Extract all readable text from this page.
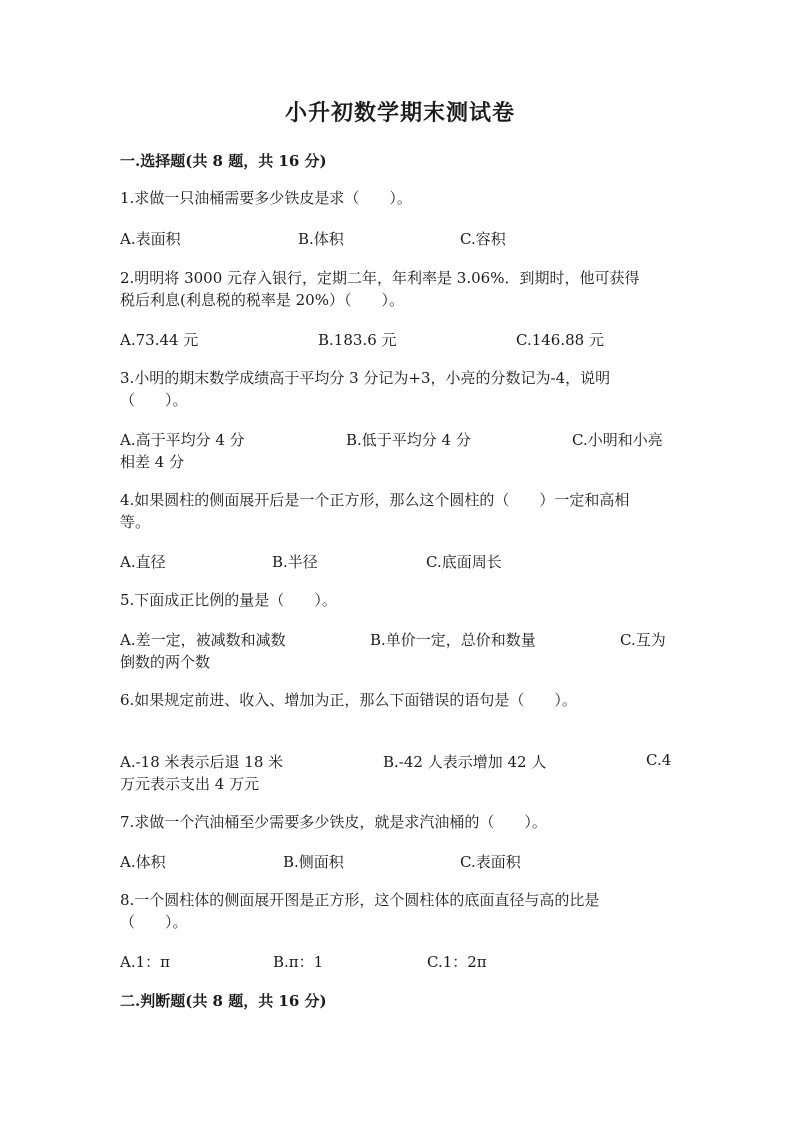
小升初数学期末测试卷
一.选择题(共 8 题，共 16 分)
1.求做一只油桶需要多少铁皮是求（　　）。
A.表面积	B.体积	C.容积
2.明明将 3000 元存入银行，定期二年，年利率是 3.06%．到期时，他可获得
税后利息(利息税的税率是 20%）（　　）。
A.73.44 元	B.183.6 元	C.146.88 元
3.小明的期末数学成绩高于平均分 3 分记为+3，小亮的分数记为-4，说明
（　　）。
A.高于平均分 4 分	B.低于平均分 4 分	C.小明和小亮
相差 4 分
4.如果圆柱的侧面展开后是一个正方形，那么这个圆柱的（　　）一定和高相
等。
A.直径	B.半径	C.底面周长
5.下面成正比例的量是（　　）。
A.差一定，被减数和减数	B.单价一定，总价和数量	C.互为
倒数的两个数
6.如果规定前进、收入、增加为正，那么下面错误的语句是（　　）。
A.-18 米表示后退 18 米	B.-42 人表示增加 42 人	C.4
万元表示支出 4 万元
7.求做一个汽油桶至少需要多少铁皮，就是求汽油桶的（　　）。
A.体积	B.侧面积	C.表面积
8.一个圆柱体的侧面展开图是正方形，这个圆柱体的底面直径与高的比是
（　　）。
A.1：π	B.π：1	C.1：2π
二.判断题(共 8 题，共 16 分)
